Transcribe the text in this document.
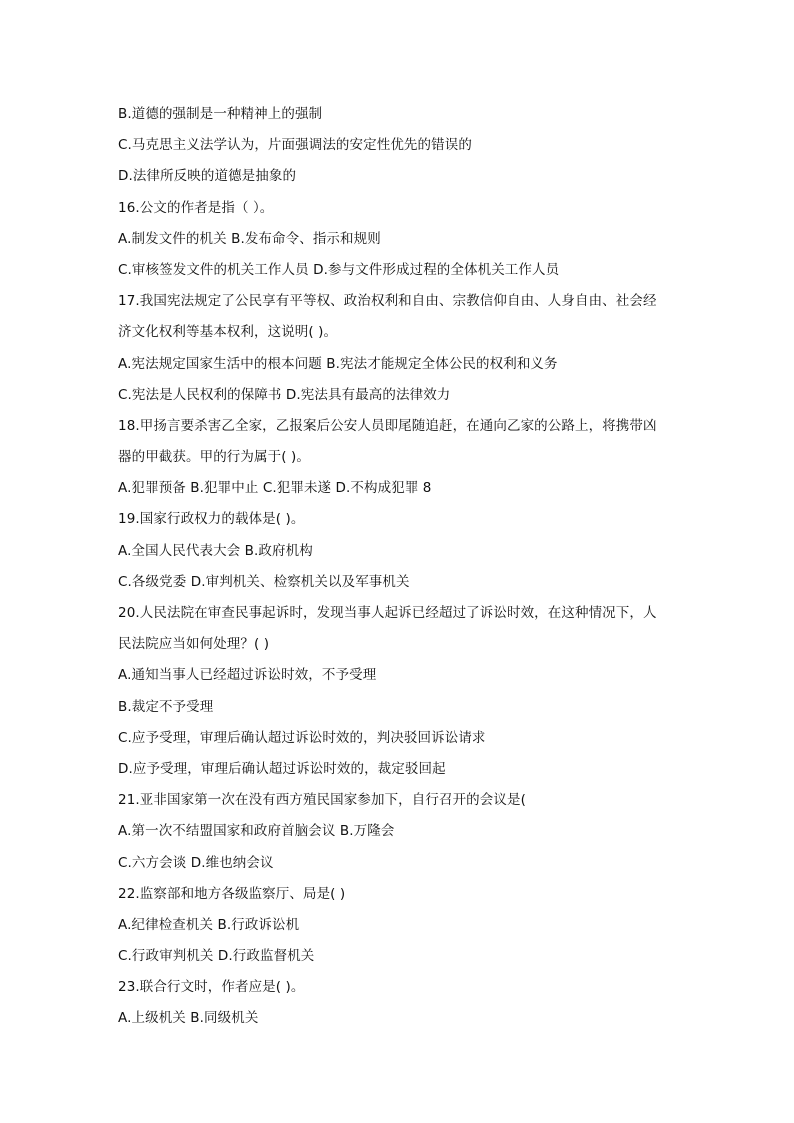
B.道德的强制是一种精神上的强制
C.马克思主义法学认为，片面强调法的安定性优先的错误的
D.法律所反映的道德是抽象的
16.公文的作者是指（ ）。
A.制发文件的机关 B.发布命令、指示和规则
C.审核签发文件的机关工作人员 D.参与文件形成过程的全体机关工作人员
17.我国宪法规定了公民享有平等权、政治权利和自由、宗教信仰自由、人身自由、社会经
济文化权利等基本权利，这说明( )。
A.宪法规定国家生活中的根本问题 B.宪法才能规定全体公民的权利和义务
C.宪法是人民权利的保障书 D.宪法具有最高的法律效力
18.甲扬言要杀害乙全家，乙报案后公安人员即尾随追赶，在通向乙家的公路上，将携带凶
器的甲截获。甲的行为属于( )。
A.犯罪预备 B.犯罪中止 C.犯罪未遂 D.不构成犯罪 8
19.国家行政权力的载体是( )。
A.全国人民代表大会 B.政府机构
C.各级党委 D.审判机关、检察机关以及军事机关
20.人民法院在审查民事起诉时，发现当事人起诉已经超过了诉讼时效，在这种情况下，人
民法院应当如何处理？( )
A.通知当事人已经超过诉讼时效，不予受理
B.裁定不予受理
C.应予受理，审理后确认超过诉讼时效的，判决驳回诉讼请求
D.应予受理，审理后确认超过诉讼时效的，裁定驳回起
21.亚非国家第一次在没有西方殖民国家参加下，自行召开的会议是(
A.第一次不结盟国家和政府首脑会议 B.万隆会
C.六方会谈 D.维也纳会议
22.监察部和地方各级监察厅、局是( )
A.纪律检查机关 B.行政诉讼机
C.行政审判机关 D.行政监督机关
23.联合行文时，作者应是( )。
A.上级机关 B.同级机关
